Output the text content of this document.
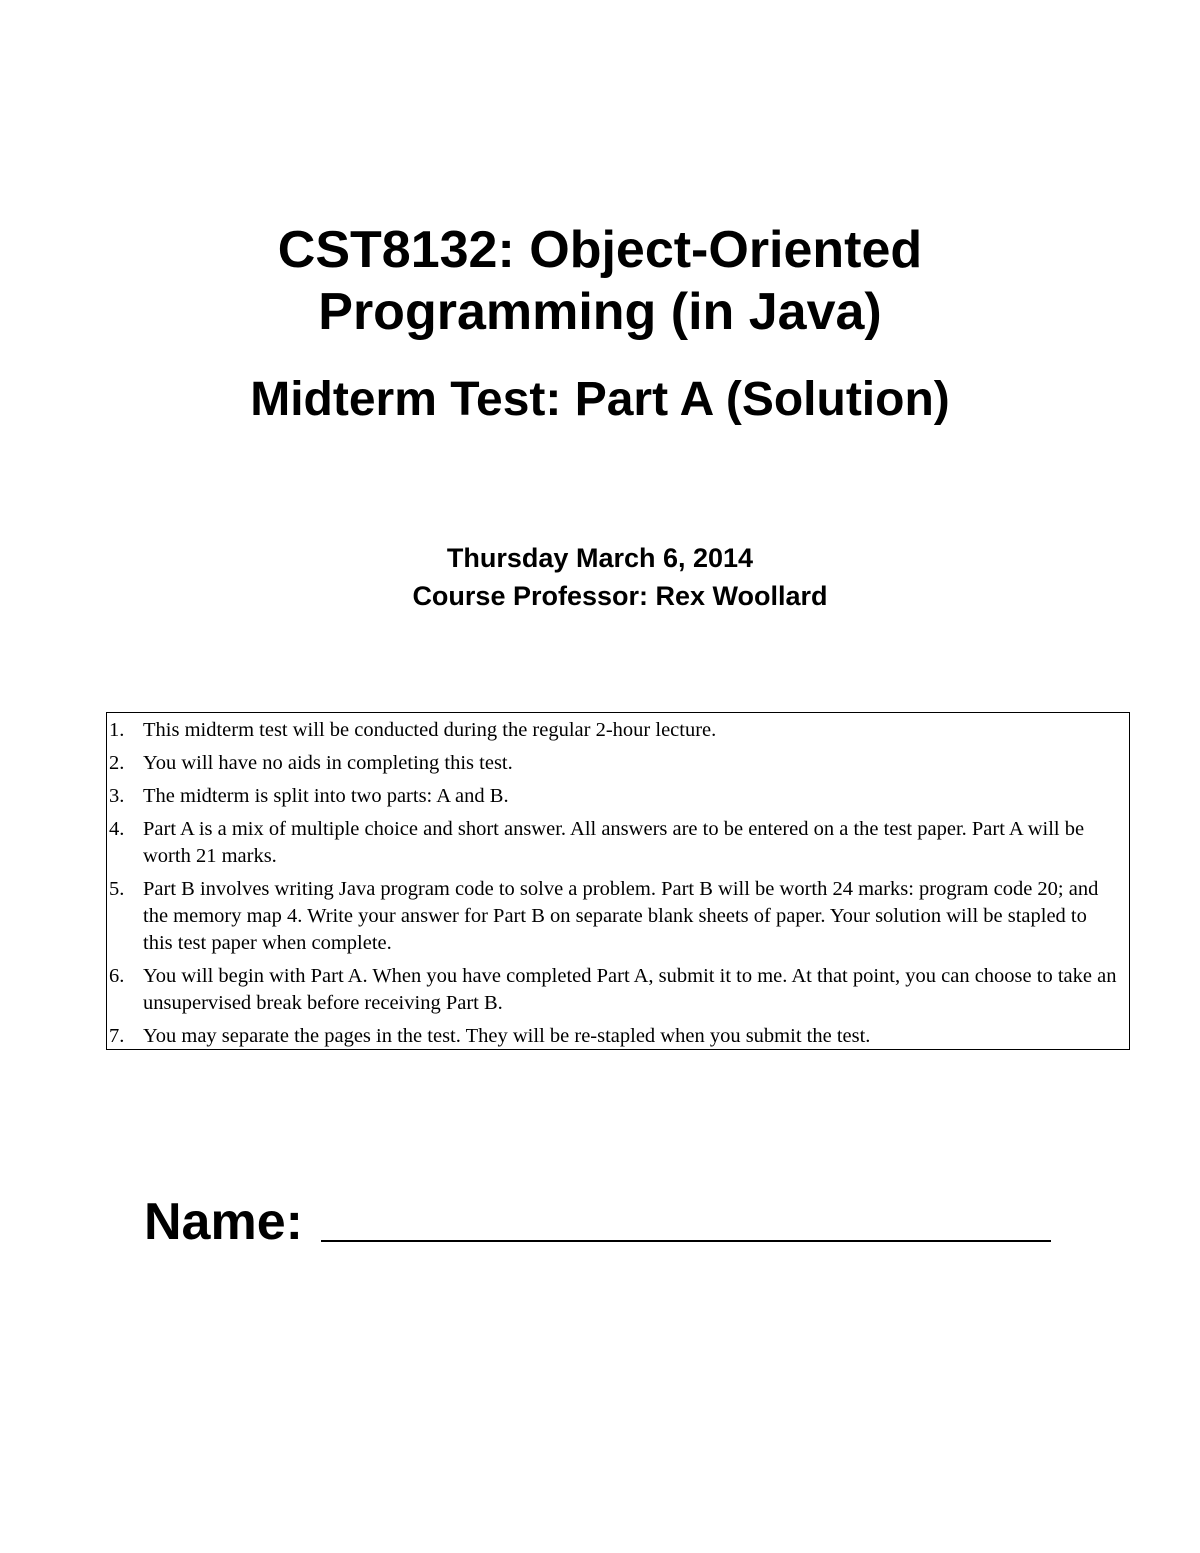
CST8132: Object-Oriented
Programming (in Java)
Midterm Test: Part A (Solution)
Thursday March 6, 2014
Course Professor: Rex Woollard
1. This midterm test will be conducted during the regular 2-hour lecture.
2. You will have no aids in completing this test.
3. The midterm is split into two parts: A and B.
4. Part A is a mix of multiple choice and short answer. All answers are to be entered on a the test paper. Part A will be worth 21 marks.
5. Part B involves writing Java program code to solve a problem. Part B will be worth 24 marks: program code 20; and the memory map 4. Write your answer for Part B on separate blank sheets of paper. Your solution will be stapled to this test paper when complete.
6. You will begin with Part A. When you have completed Part A, submit it to me. At that point, you can choose to take an unsupervised break before receiving Part B.
7. You may separate the pages in the test. They will be re-stapled when you submit the test.
Name:
